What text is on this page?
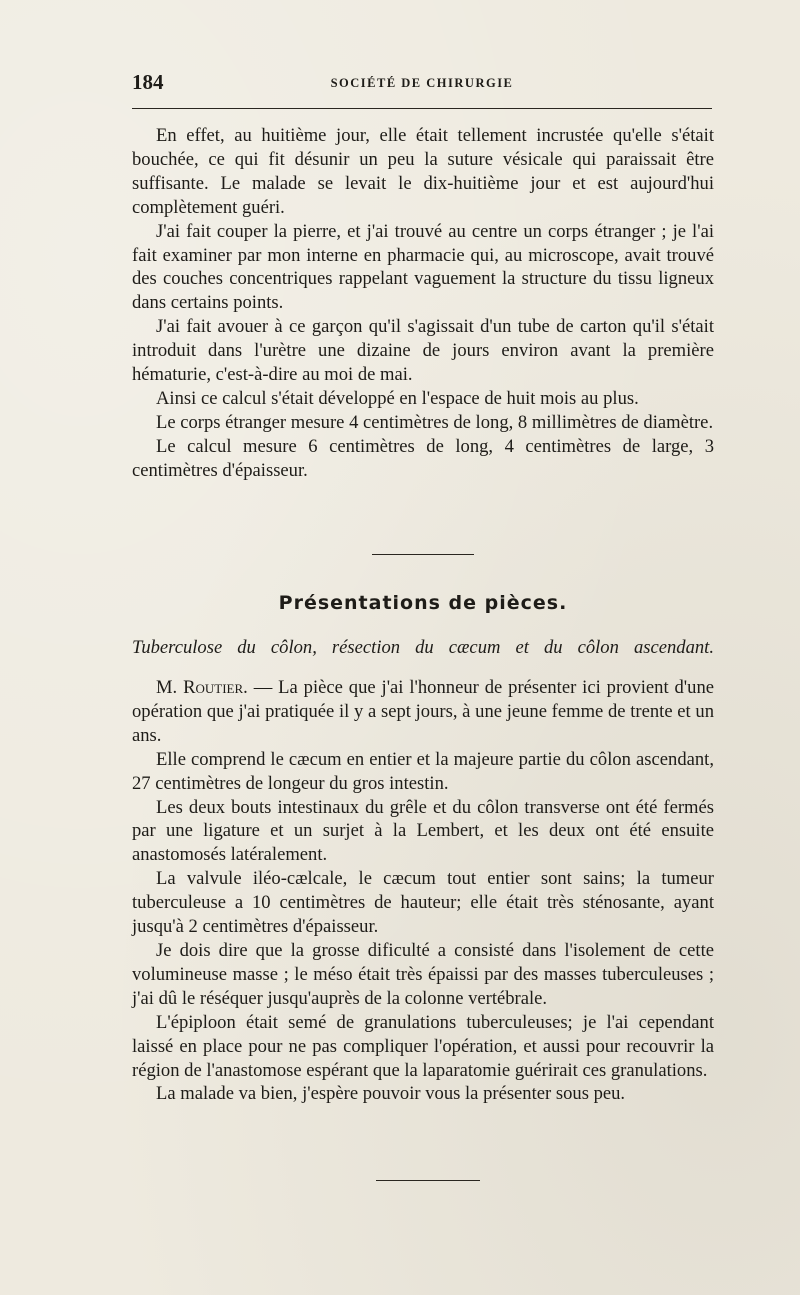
184	SOCIÉTÉ DE CHIRURGIE

En effet, au huitième jour, elle était tellement incrustée qu'elle s'était bouchée, ce qui fit désunir un peu la suture vésicale qui paraissait être suffisante. Le malade se levait le dix-huitième jour et est aujourd'hui complètement guéri.

J'ai fait couper la pierre, et j'ai trouvé au centre un corps étranger ; je l'ai fait examiner par mon interne en pharmacie qui, au microscope, avait trouvé des couches concentriques rappelant vaguement la structure du tissu ligneux dans certains points.

J'ai fait avouer à ce garçon qu'il s'agissait d'un tube de carton qu'il s'était introduit dans l'urètre une dizaine de jours environ avant la première hématurie, c'est-à-dire au moi de mai.

Ainsi ce calcul s'était développé en l'espace de huit mois au plus.

Le corps étranger mesure 4 centimètres de long, 8 millimètres de diamètre.

Le calcul mesure 6 centimètres de long, 4 centimètres de large, 3 centimètres d'épaisseur.

Présentations de pièces.
Tuberculose du côlon, résection du cæcum et du côlon ascendant.

M. Routier. — La pièce que j'ai l'honneur de présenter ici provient d'une opération que j'ai pratiquée il y a sept jours, à une jeune femme de trente et un ans.

Elle comprend le cæcum en entier et la majeure partie du côlon ascendant, 27 centimètres de longeur du gros intestin.

Les deux bouts intestinaux du grêle et du côlon transverse ont été fermés par une ligature et un surjet à la Lembert, et les deux ont été ensuite anastomosés latéralement.

La valvule iléo-cælcale, le cæcum tout entier sont sains; la tumeur tuberculeuse a 10 centimètres de hauteur; elle était très sténosante, ayant jusqu'à 2 centimètres d'épaisseur.

Je dois dire que la grosse dificulté a consisté dans l'isolement de cette volumineuse masse ; le méso était très épaissi par des masses tuberculeuses ; j'ai dû le réséquer jusqu'auprès de la colonne vertébrale.

L'épiploon était semé de granulations tuberculeuses; je l'ai cependant laissé en place pour ne pas compliquer l'opération, et aussi pour recouvrir la région de l'anastomose espérant que la laparatomie guérirait ces granulations.

La malade va bien, j'espère pouvoir vous la présenter sous peu.
